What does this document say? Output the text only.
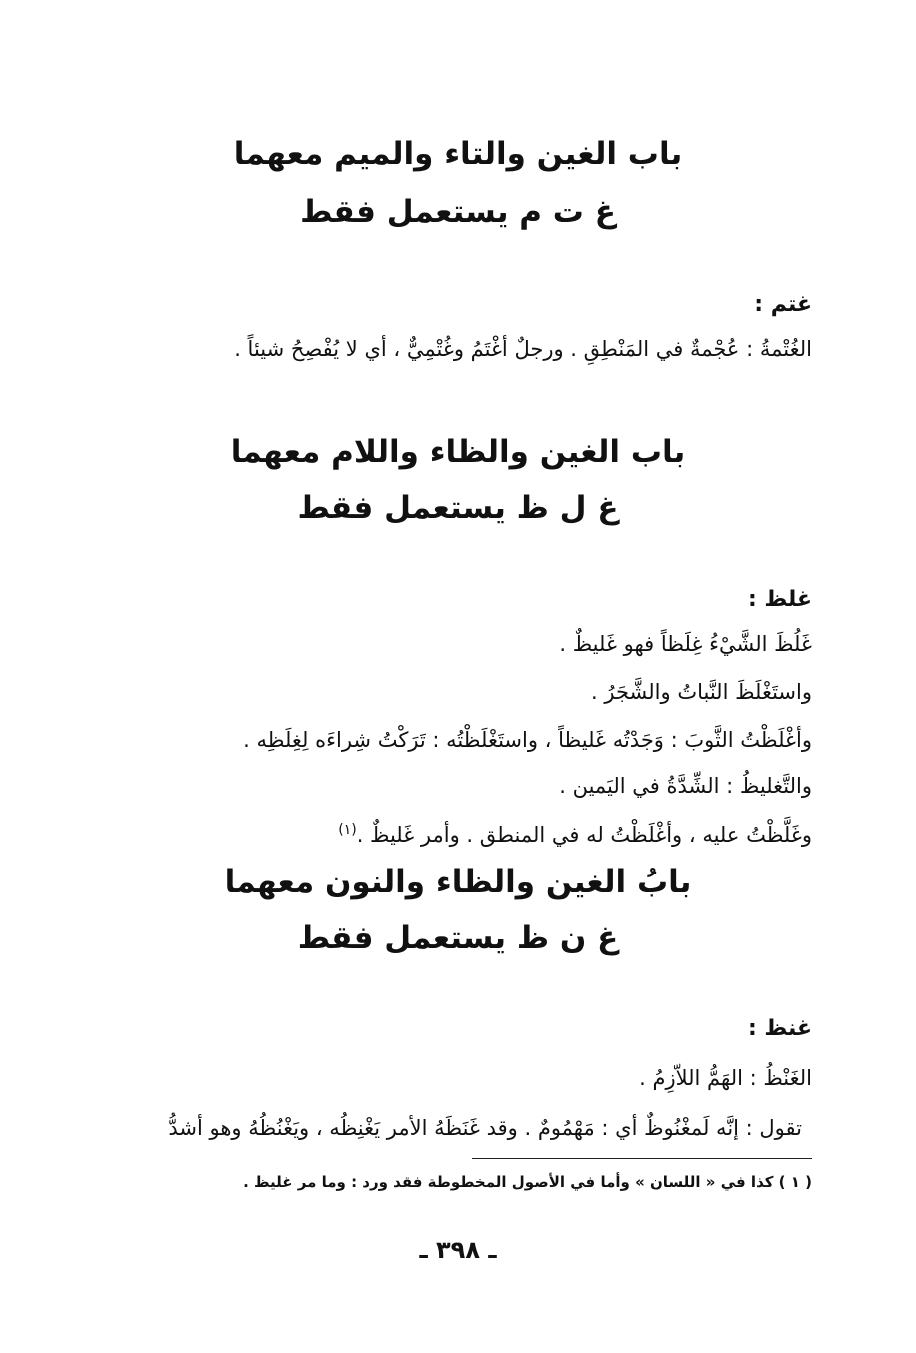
باب الغين والتاء والميم معهما
غ ت م يستعمل فقط
غتم :
الغُتْمةُ : عُجْمةٌ في المَنْطِقِ . ورجلٌ أغْتَمُ وغُتْمِيٌّ ، أي لا يُفْصِحُ شيئاً .
باب الغين والظاء واللام معهما
غ ل ظ يستعمل فقط
غلظ :
غَلُظَ الشَّيْءُ غِلَظاً فهو غَليظٌ .
واستَغْلَظَ النَّباتُ والشَّجَرُ .
وأغْلَظْتُ الثَّوبَ : وَجَدْتُه غَليظاً ، واستَغْلَظْتُه : تَرَكْتُ شِراءَه لِغِلَظِه .
والتَّغليظُ : الشِّدَّةُ في اليَمين .
وغَلَّظْتُ عليه ، وأغْلَظْتُ له في المنطق . وأمر غَليظٌ .$^{(١)}$
بابُ الغين والظاء والنون معهما
غ ن ظ يستعمل فقط
غنظ :
الغَنْظُ : الهَمُّ اللاّزِمُ .
تقول : إنَّه لَمغْنُوظٌ أي : مَهْمُومٌ . وقد غَنَظَهُ الأمر يَغْنِظُه ، ويَغْنُظُهُ وهو أشدُّ
( ١ ) كذا في « اللسان » وأما في الأصول المخطوطة فقد ورد : وما مر غليظ .
ـ ٣٩٨ ـ
